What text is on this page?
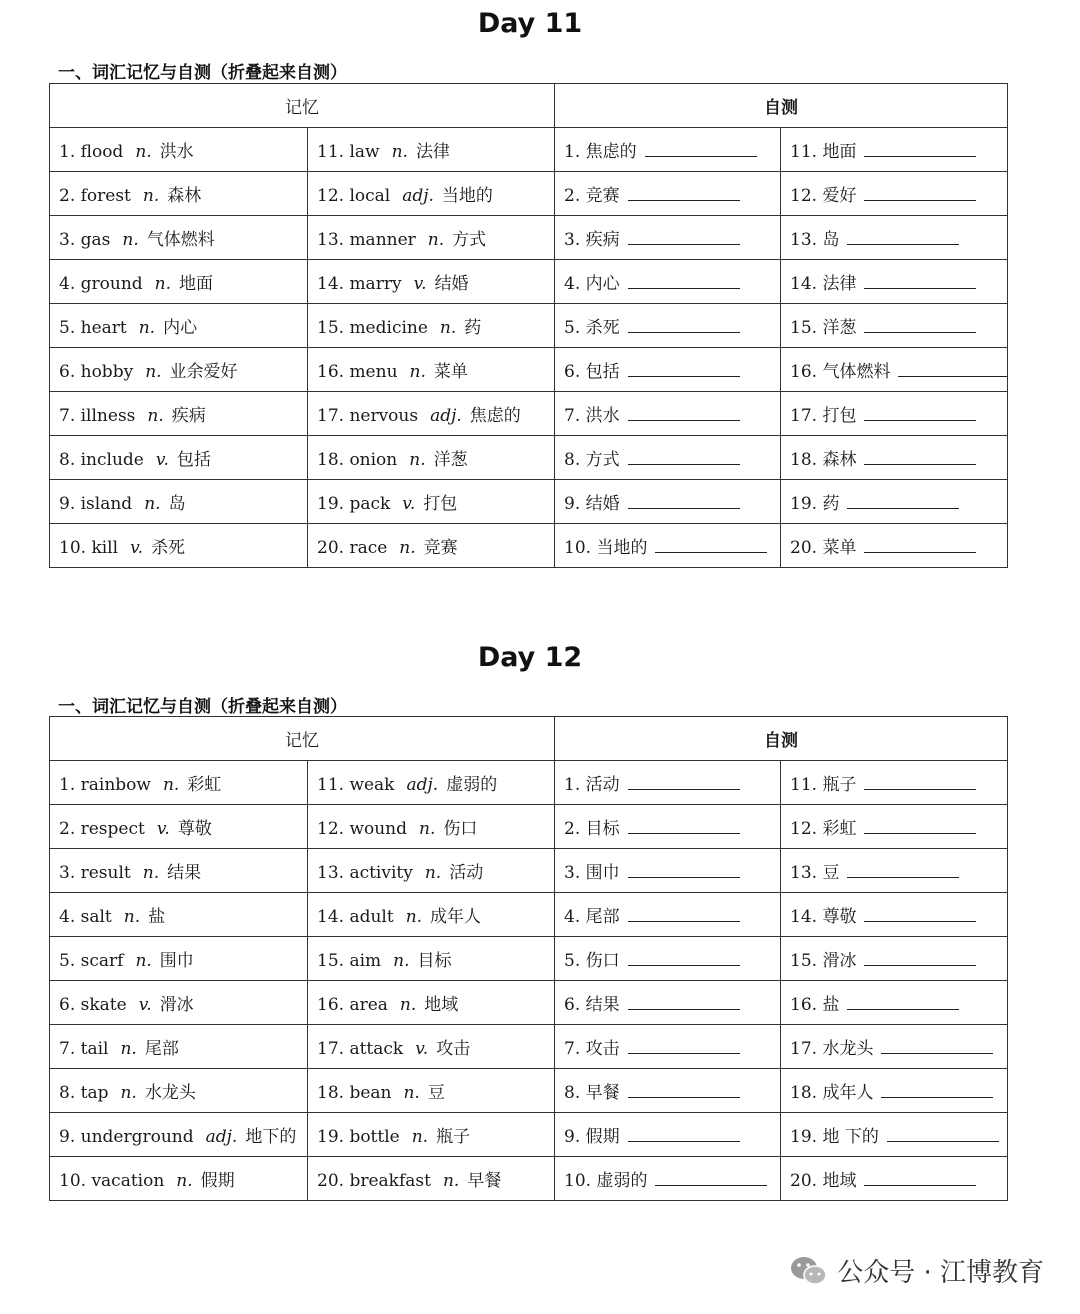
Day 11
一、词汇记忆与自测（折叠起来自测）
记忆		自测	
1. flood n. 洪水	11. law n. 法律	1. 焦虑的	11. 地面
2. forest n. 森林	12. local adj. 当地的	2. 竞赛	12. 爱好
3. gas n. 气体燃料	13. manner n. 方式	3. 疾病	13. 岛
4. ground n. 地面	14. marry v. 结婚	4. 内心	14. 法律
5. heart n. 内心	15. medicine n. 药	5. 杀死	15. 洋葱
6. hobby n. 业余爱好	16. menu n. 菜单	6. 包括	16. 气体燃料
7. illness n. 疾病	17. nervous adj. 焦虑的	7. 洪水	17. 打包
8. include v. 包括	18. onion n. 洋葱	8. 方式	18. 森林
9. island n. 岛	19. pack v. 打包	9. 结婚	19. 药
10. kill v. 杀死	20. race n. 竞赛	10. 当地的	20. 菜单
Day 12
一、词汇记忆与自测（折叠起来自测）
记忆		自测	
1. rainbow n. 彩虹	11. weak adj. 虚弱的	1. 活动	11. 瓶子
2. respect v. 尊敬	12. wound n. 伤口	2. 目标	12. 彩虹
3. result n. 结果	13. activity n. 活动	3. 围巾	13. 豆
4. salt n. 盐	14. adult n. 成年人	4. 尾部	14. 尊敬
5. scarf n. 围巾	15. aim n. 目标	5. 伤口	15. 滑冰
6. skate v. 滑冰	16. area n. 地域	6. 结果	16. 盐
7. tail n. 尾部	17. attack v. 攻击	7. 攻击	17. 水龙头
8. tap n. 水龙头	18. bean n. 豆	8. 早餐	18. 成年人
9. underground adj. 地下的	19. bottle n. 瓶子	9. 假期	19. 地 下的
10. vacation n. 假期	20. breakfast n. 早餐	10. 虚弱的	20. 地域
公众号 · 江博教育
